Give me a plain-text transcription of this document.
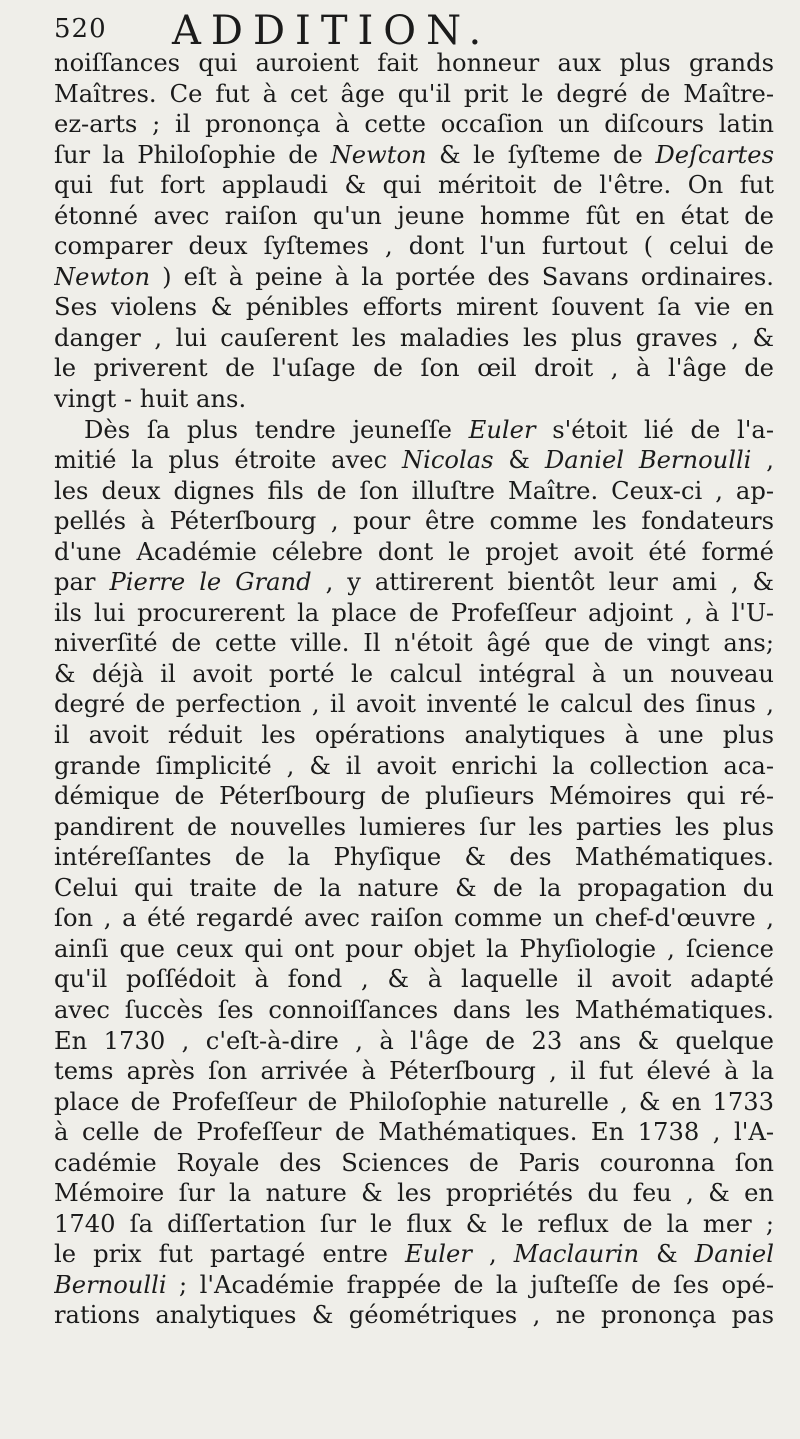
520 ADDITION.
noiſſances qui auroient fait honneur aux plus grands
Maîtres. Ce fut à cet âge qu'il prit le degré de Maître-
ez-arts ; il prononça à cette occaſion un diſcours latin
ſur la Philoſophie de Newton & le ſyſteme de Deſcartes
qui fut fort applaudi & qui méritoit de l'être. On fut
étonné avec raiſon qu'un jeune homme fût en état de
comparer deux ſyſtemes , dont l'un furtout ( celui de
Newton ) eſt à peine à la portée des Savans ordinaires.
Ses violens & pénibles efforts mirent ſouvent ſa vie en
danger , lui cauſerent les maladies les plus graves , &
le priverent de l'uſage de ſon œil droit , à l'âge de
vingt - huit ans.
Dès ſa plus tendre jeuneſſe Euler s'étoit lié de l'a-
mitié la plus étroite avec Nicolas & Daniel Bernoulli ,
les deux dignes fils de ſon illuſtre Maître. Ceux-ci , ap-
pellés à Péterſbourg , pour être comme les fondateurs
d'une Académie célebre dont le projet avoit été formé
par Pierre le Grand , y attirerent bientôt leur ami , &
ils lui procurerent la place de Profeſſeur adjoint , à l'U-
niverſité de cette ville. Il n'étoit âgé que de vingt ans;
& déjà il avoit porté le calcul intégral à un nouveau
degré de perfection , il avoit inventé le calcul des ſinus ,
il avoit réduit les opérations analytiques à une plus
grande ſimplicité , & il avoit enrichi la collection aca-
démique de Péterſbourg de pluſieurs Mémoires qui ré-
pandirent de nouvelles lumieres ſur les parties les plus
intéreſſantes de la Phyſique & des Mathématiques.
Celui qui traite de la nature & de la propagation du
ſon , a été regardé avec raiſon comme un chef-d'œuvre ,
ainſi que ceux qui ont pour objet la Phyſiologie , ſcience
qu'il poſſédoit à fond , & à laquelle il avoit adapté
avec ſuccès ſes connoiſſances dans les Mathématiques.
En 1730 , c'eſt-à-dire , à l'âge de 23 ans & quelque
tems après ſon arrivée à Péterſbourg , il fut élevé à la
place de Profeſſeur de Philoſophie naturelle , & en 1733
à celle de Profeſſeur de Mathématiques. En 1738 , l'A-
cadémie Royale des Sciences de Paris couronna ſon
Mémoire ſur la nature & les propriétés du feu , & en
1740 ſa diſſertation ſur le flux & le reflux de la mer ;
le prix fut partagé entre Euler , Maclaurin & Daniel
Bernoulli ; l'Académie frappée de la juſteſſe de ſes opé-
rations analytiques & géométriques , ne prononça pas
